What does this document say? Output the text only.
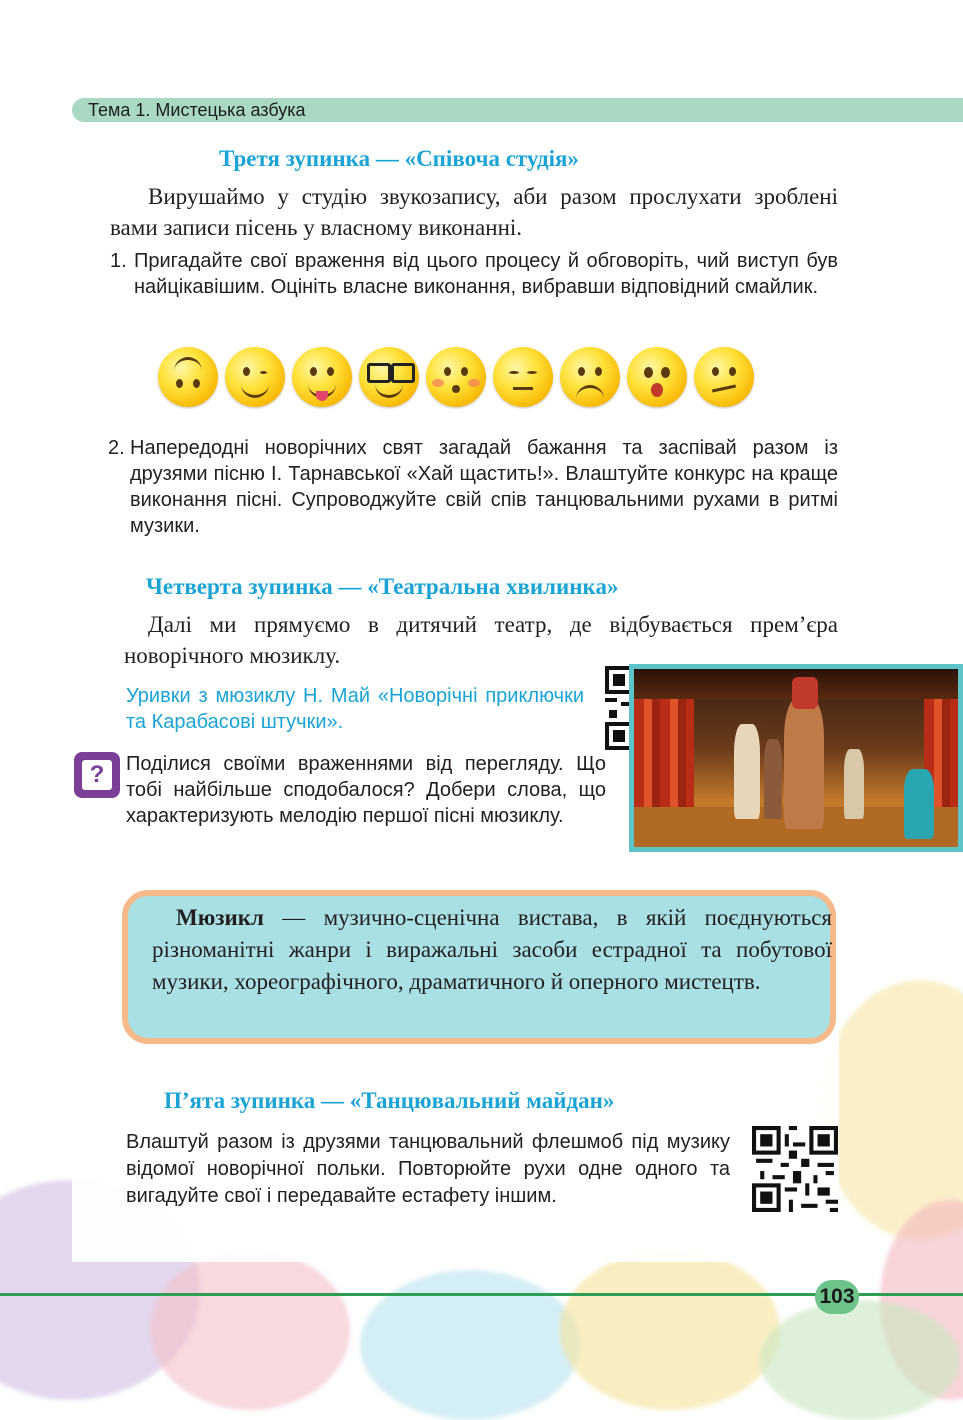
Тема 1. Мистецька азбука
Третя зупинка — «Співоча студія»
Вирушаймо у студію звукозапису, аби разом прослухати зроблені вами записи пісень у власному виконанні.
1. Пригадайте свої враження від цього процесу й обговоріть, чий виступ був найцікавішим. Оцініть власне виконання, вибравши відповідний смайлик.
2. Напередодні новорічних свят загадай бажання та заспівай разом із друзями пісню І. Тарнавської «Хай щастить!». Влаштуйте конкурс на краще виконання пісні. Супроводжуйте свій спів танцювальними рухами в ритмі музики.
Четверта зупинка — «Театральна хвилинка»
Далі ми прямуємо в дитячий театр, де відбувається прем’єра новорічного мюзиклу.
Уривки з мюзиклу Н. Май «Новорічні приключки та Карабасові штучки».
?	Поділися своїми враженнями від перегляду. Що тобі найбільше сподобалося? Добери слова, що характеризують мелодію першої пісні мюзиклу.
Мюзикл — музично-сценічна вистава, в якій поєднуються різноманітні жанри і виражальні засоби естрадної та побутової музики, хореографічного, драматичного й оперного мистецтв.
П’ята зупинка — «Танцювальний майдан»
Влаштуй разом із друзями танцювальний флешмоб під музику відомої новорічної польки. Повторюйте рухи одне одного та вигадуйте свої і передавайте естафету іншим.
103
